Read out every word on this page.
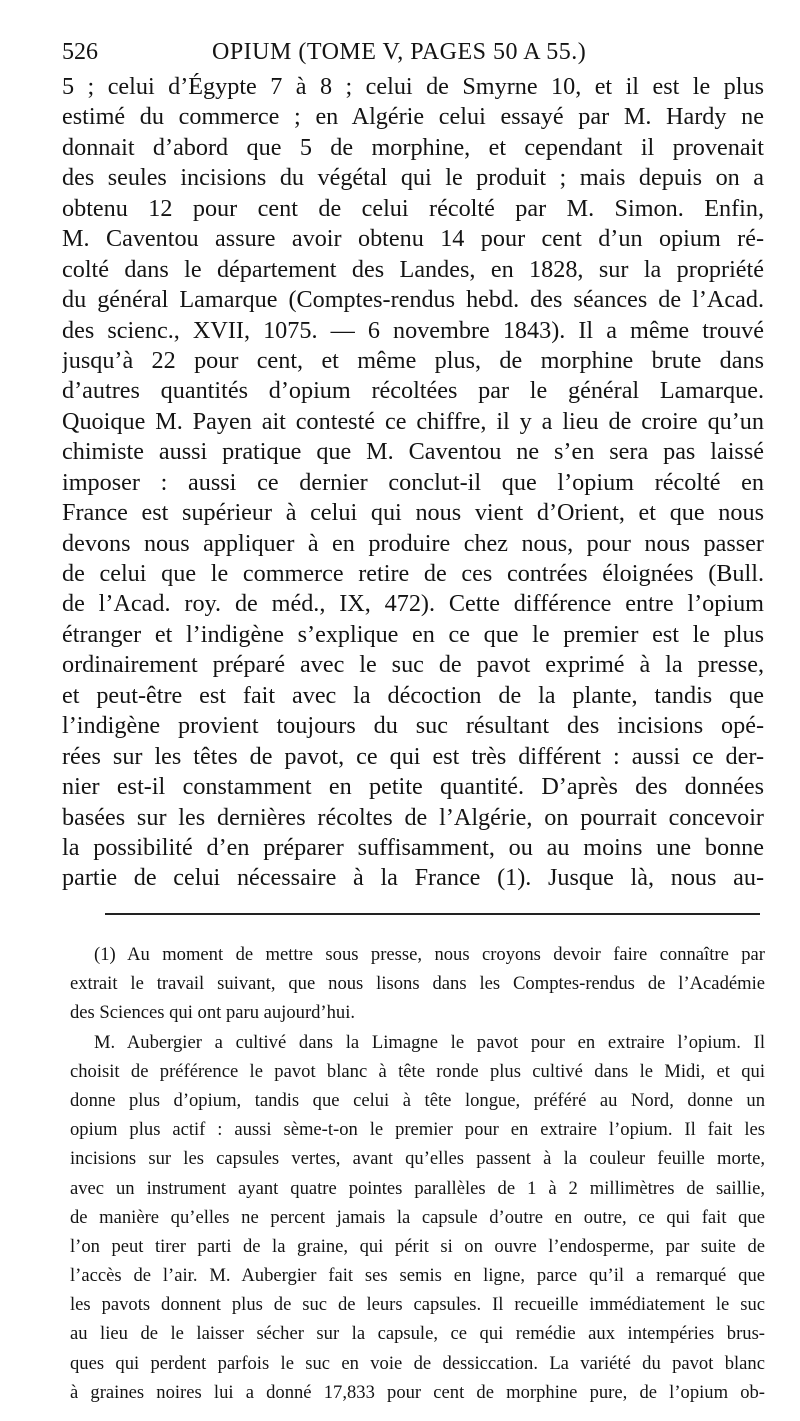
526	OPIUM (TOME V, PAGES 50 A 55.)
5 ; celui d’Égypte 7 à 8 ; celui de Smyrne 10, et il est le plus
estimé du commerce ; en Algérie celui essayé par M. Hardy ne
donnait d’abord que 5 de morphine, et cependant il provenait
des seules incisions du végétal qui le produit ; mais depuis on a
obtenu 12 pour cent de celui récolté par M. Simon. Enfin,
M. Caventou assure avoir obtenu 14 pour cent d’un opium ré-
colté dans le département des Landes, en 1828, sur la propriété
du général Lamarque (Comptes-rendus hebd. des séances de l’Acad.
des scienc., XVII, 1075. — 6 novembre 1843). Il a même trouvé
jusqu’à 22 pour cent, et même plus, de morphine brute dans
d’autres quantités d’opium récoltées par le général Lamarque.
Quoique M. Payen ait contesté ce chiffre, il y a lieu de croire qu’un
chimiste aussi pratique que M. Caventou ne s’en sera pas laissé
imposer : aussi ce dernier conclut-il que l’opium récolté en
France est supérieur à celui qui nous vient d’Orient, et que nous
devons nous appliquer à en produire chez nous, pour nous passer
de celui que le commerce retire de ces contrées éloignées (Bull.
de l’Acad. roy. de méd., IX, 472). Cette différence entre l’opium
étranger et l’indigène s’explique en ce que le premier est le plus
ordinairement préparé avec le suc de pavot exprimé à la presse,
et peut-être est fait avec la décoction de la plante, tandis que
l’indigène provient toujours du suc résultant des incisions opé-
rées sur les têtes de pavot, ce qui est très différent : aussi ce der-
nier est-il constamment en petite quantité. D’après des données
basées sur les dernières récoltes de l’Algérie, on pourrait concevoir
la possibilité d’en préparer suffisamment, ou au moins une bonne
partie de celui nécessaire à la France (1). Jusque là, nous au-
(1) Au moment de mettre sous presse, nous croyons devoir faire connaître par
extrait le travail suivant, que nous lisons dans les Comptes-rendus de l’Académie
des Sciences qui ont paru aujourd’hui.
M. Aubergier a cultivé dans la Limagne le pavot pour en extraire l’opium. Il
choisit de préférence le pavot blanc à tête ronde plus cultivé dans le Midi, et qui
donne plus d’opium, tandis que celui à tête longue, préféré au Nord, donne un
opium plus actif : aussi sème-t-on le premier pour en extraire l’opium. Il fait les
incisions sur les capsules vertes, avant qu’elles passent à la couleur feuille morte,
avec un instrument ayant quatre pointes parallèles de 1 à 2 millimètres de saillie,
de manière qu’elles ne percent jamais la capsule d’outre en outre, ce qui fait que
l’on peut tirer parti de la graine, qui périt si on ouvre l’endosperme, par suite de
l’accès de l’air. M. Aubergier fait ses semis en ligne, parce qu’il a remarqué que
les pavots donnent plus de suc de leurs capsules. Il recueille immédiatement le suc
au lieu de le laisser sécher sur la capsule, ce qui remédie aux intempéries brus-
ques qui perdent parfois le suc en voie de dessiccation. La variété du pavot blanc
à graines noires lui a donné 17,833 pour cent de morphine pure, de l’opium ob-
